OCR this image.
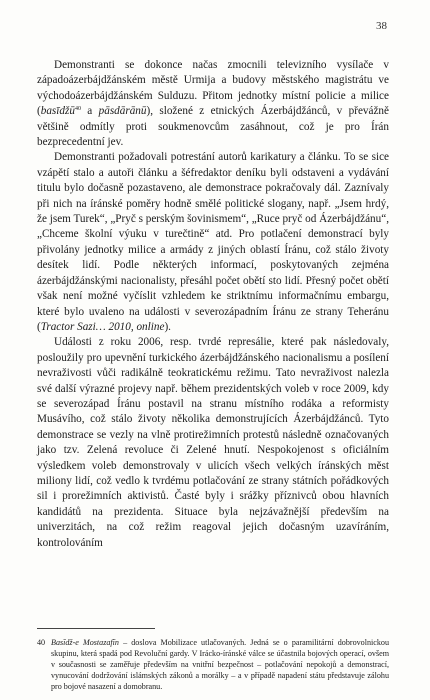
38

Demonstranti se dokonce načas zmocnili televizního vysílače v západoázerbájdžánském městě Urmija a budovy městského magistrátu ve východoázerbájdžánském Sulduzu. Přitom jednotky místní policie a milice (basīdžū$^{40}$ a pāsdārānū), složené z etnických Ázerbájdžánců, v převážně většině odmítly proti soukmenovcům zasáhnout, což je pro Írán bezprecedentní jev.

Demonstranti požadovali potrestání autorů karikatury a článku. To se sice vzápětí stalo a autoři článku a šéfredaktor deníku byli odstaveni a vydávání titulu bylo dočasně pozastaveno, ale demonstrace pokračovaly dál. Zaznívaly při nich na íránské poměry hodně smělé politické slogany, např. „Jsem hrdý, že jsem Turek“, „Pryč s perským šovinismem“, „Ruce pryč od Ázerbájdžánu“, „Chceme školní výuku v turečtině“ atd. Pro potlačení demonstrací byly přivolány jednotky milice a armády z jiných oblastí Íránu, což stálo životy desítek lidí. Podle některých informací, poskytovaných zejména ázerbájdžánskými nacionalisty, přesáhl počet obětí sto lidí. Přesný počet obětí však není možné vyčíslit vzhledem ke striktnímu informačnímu embargu, které bylo uvaleno na události v severozápadním Íránu ze strany Teheránu (Tractor Sazi… 2010, online).

Události z roku 2006, resp. tvrdé represálie, které pak následovaly, posloužily pro upevnění turkického ázerbájdžánského nacionalismu a posílení nevraživosti vůči radikálně teokratickému režimu. Tato nevraživost nalezla své další výrazné projevy např. během prezidentských voleb v roce 2009, kdy se severozápad Íránu postavil na stranu místního rodáka a reformisty Musávího, což stálo životy několika demonstrujících Ázerbájdžánců. Tyto demonstrace se vezly na vlně protirežimních protestů následně označovaných jako tzv. Zelená revoluce či Zelené hnutí. Nespokojenost s oficiálním výsledkem voleb demonstrovaly v ulicích všech velkých íránských měst miliony lidí, což vedlo k tvrdému potlačování ze strany státních pořádkových sil i prorežimních aktivistů. Časté byly i srážky příznivců obou hlavních kandidátů na prezidenta. Situace byla nejzávažnější především na univerzitách, na což režim reagoval jejich dočasným uzavíráním, kontrolováním

40 Basīdž-e Mostazafīn – doslova Mobilizace utlačovaných. Jedná se o paramilitární dobrovolnickou skupinu, která spadá pod Revoluční gardy. V Irácko-íránské válce se účastnila bojových operací, ovšem v současnosti se zaměřuje především na vnitřní bezpečnost – potlačování nepokojů a demonstrací, vynucování dodržování islámských zákonů a morálky – a v případě napadení státu představuje zálohu pro bojové nasazení a domobranu.
